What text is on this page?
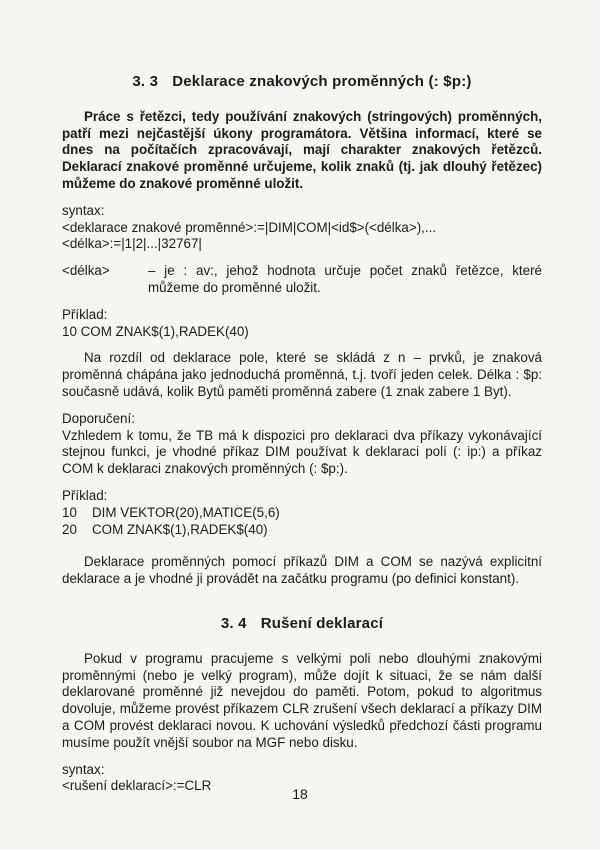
3. 3 Deklarace znakových proměnných (: $p:)

Práce s řetězci, tedy používání znakových (stringových) proměnných, patří mezi nejčastější úkony programátora. Většina informací, které se dnes na počítačích zpracovávají, mají charakter znakových řetězců. Deklarací znakové proměnné určujeme, kolik znaků (tj. jak dlouhý řetězec) můžeme do znakové proměnné uložit.

syntax:

<deklarace znakové proměnné>:=|DIM|COM|<id$>(<délka>),...

<délka>:=|1|2|...|32767|

<délka>	– je : av:, jehož hodnota určuje počet znaků řetězce, které můžeme do proměnné uložit.

Příklad:

10 COM ZNAK$(1),RADEK(40)

Na rozdíl od deklarace pole, které se skládá z n – prvků, je znaková proměnná chápána jako jednoduchá proměnná, t.j. tvoří jeden celek. Délka : $p: současně udává, kolik Bytů paměti proměnná zabere (1 znak zabere 1 Byt).

Doporučení:

Vzhledem k tomu, že TB má k dispozici pro deklaraci dva příkazy vykonávající stejnou funkci, je vhodné příkaz DIM používat k deklaraci polí (: ip:) a příkaz COM k deklaraci znakových proměnných (: $p:).

Příklad:

10	DIM VEKTOR(20),MATICE(5,6)
20	COM ZNAK$(1),RADEK$(40)

Deklarace proměnných pomocí příkazů DIM a COM se nazývá explicitní deklarace a je vhodné ji provádět na začátku programu (po definici konstant).

3. 4 Rušení deklarací

Pokud v programu pracujeme s velkými poli nebo dlouhými znakovými proměnnými (nebo je velký program), může dojít k situaci, že se nám další deklarované proměnné již nevejdou do paměti. Potom, pokud to algoritmus dovoluje, můžeme provést příkazem CLR zrušení všech deklarací a příkazy DIM a COM provést deklaraci novou. K uchování výsledků předchozí části programu musíme použít vnější soubor na MGF nebo disku.

syntax:

<rušení deklarací>:=CLR

18
